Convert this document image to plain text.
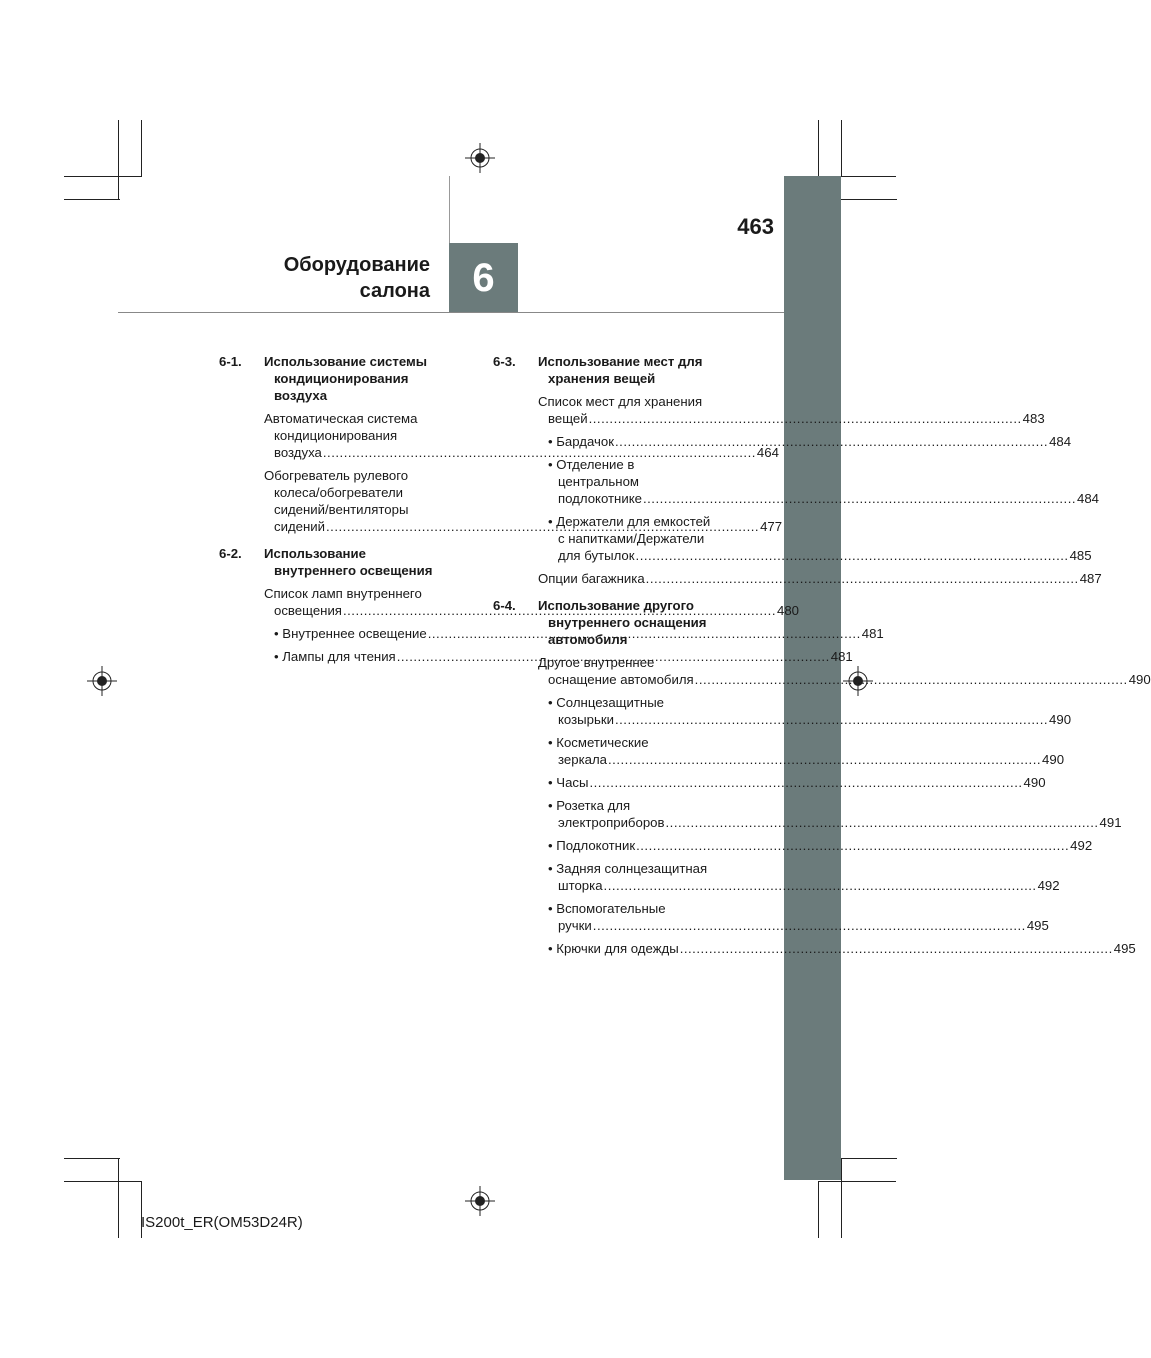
6
463
Оборудование
салона
6-1. Использование системы
кондиционирования
воздуха
Автоматическая система
кондиционирования
воздуха .....	464
Обогреватель рулевого
колеса/обогреватели
сидений/вентиляторы
сидений .....	477
6-2. Использование
внутреннего освещения
Список ламп внутреннего
освещения .....	480
• Внутреннее освещение .....	481
• Лампы для чтения .....	481
6-3. Использование мест для
хранения вещей
Список мест для хранения
вещей .....	483
• Бардачок .....	484
• Отделение в
центральном
подлокотнике .....	484
• Держатели для емкостей
с напитками/Держатели
для бутылок .....	485
Опции багажника .....	487
6-4. Использование другого
внутреннего оснащения
автомобиля
Другое внутреннее
оснащение автомобиля .....	490
• Солнцезащитные
козырьки .....	490
• Косметические
зеркала .....	490
• Часы .....	490
• Розетка для
электроприборов .....	491
• Подлокотник .....	492
• Задняя солнцезащитная
шторка .....	492
• Вспомогательные
ручки .....	495
• Крючки для одежды .....	495
IS200t_ER(OM53D24R)
